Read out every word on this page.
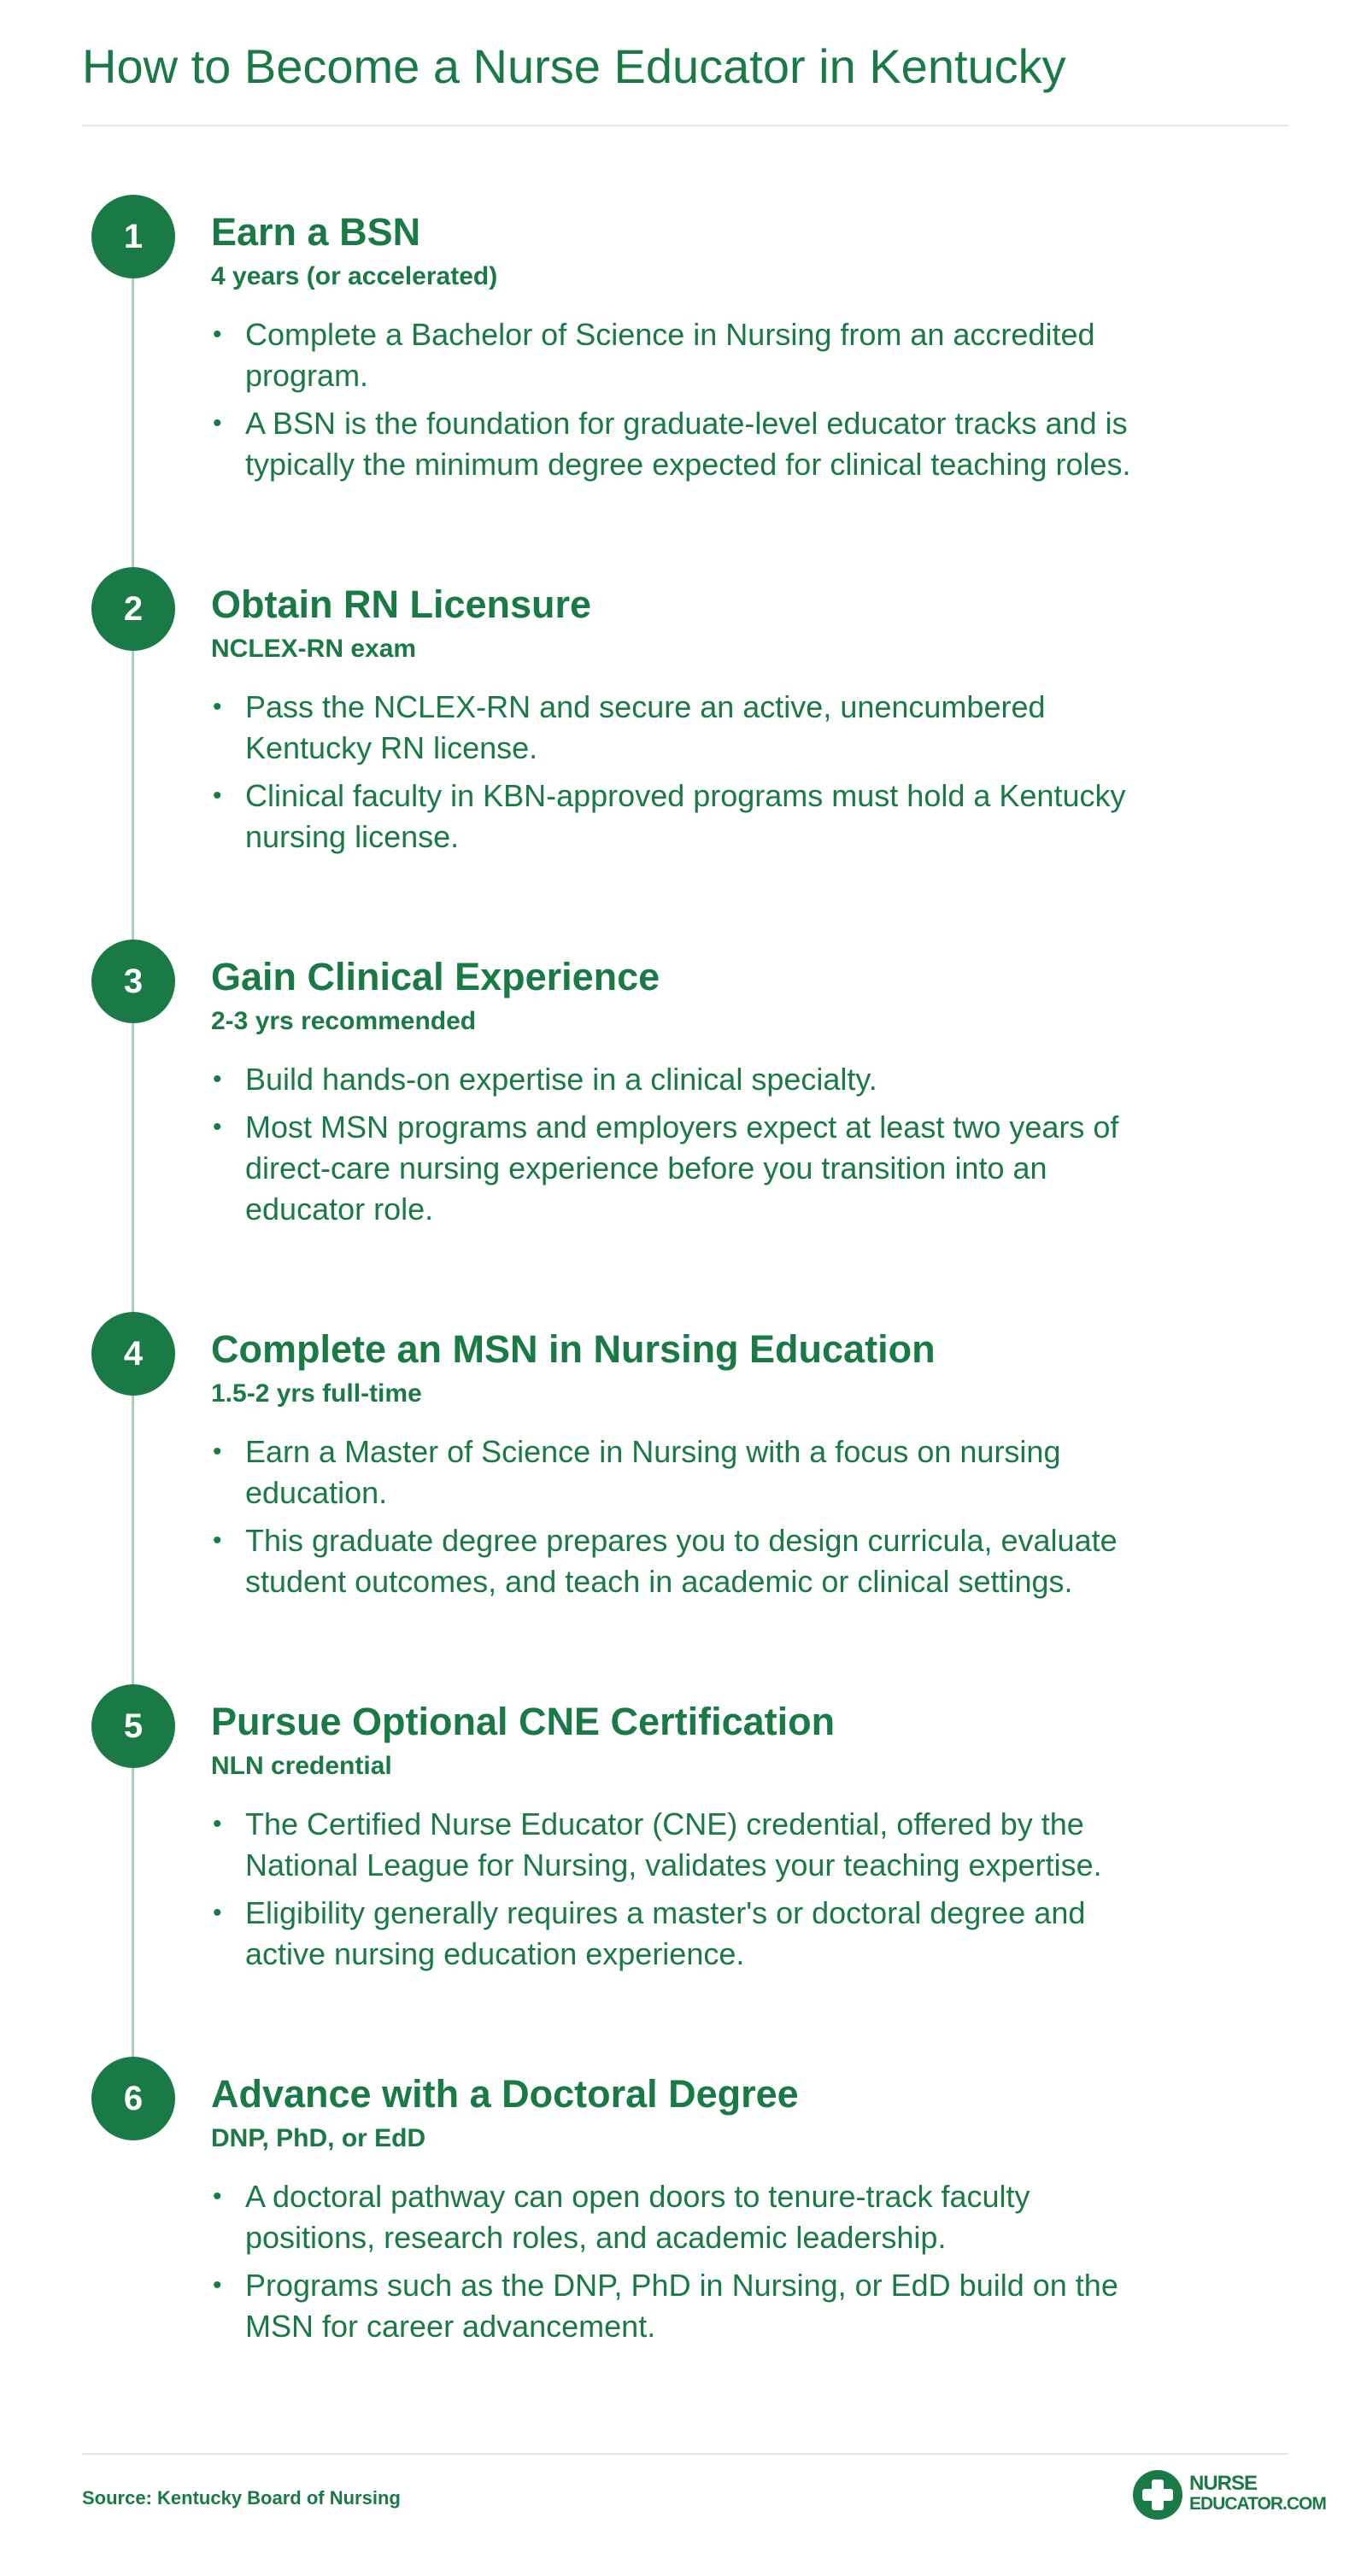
How to Become a Nurse Educator in Kentucky
1	Earn a BSN
4 years (or accelerated)
• Complete a Bachelor of Science in Nursing from an accredited program.
• A BSN is the foundation for graduate-level educator tracks and is typically the minimum degree expected for clinical teaching roles.
2	Obtain RN Licensure
NCLEX-RN exam
• Pass the NCLEX-RN and secure an active, unencumbered Kentucky RN license.
• Clinical faculty in KBN-approved programs must hold a Kentucky nursing license.
3	Gain Clinical Experience
2-3 yrs recommended
• Build hands-on expertise in a clinical specialty.
• Most MSN programs and employers expect at least two years of direct-care nursing experience before you transition into an educator role.
4	Complete an MSN in Nursing Education
1.5-2 yrs full-time
• Earn a Master of Science in Nursing with a focus on nursing education.
• This graduate degree prepares you to design curricula, evaluate student outcomes, and teach in academic or clinical settings.
5	Pursue Optional CNE Certification
NLN credential
• The Certified Nurse Educator (CNE) credential, offered by the National League for Nursing, validates your teaching expertise.
• Eligibility generally requires a master's or doctoral degree and active nursing education experience.
6	Advance with a Doctoral Degree
DNP, PhD, or EdD
• A doctoral pathway can open doors to tenure-track faculty positions, research roles, and academic leadership.
• Programs such as the DNP, PhD in Nursing, or EdD build on the MSN for career advancement.
Source: Kentucky Board of Nursing
NURSE
EDUCATOR.COM
